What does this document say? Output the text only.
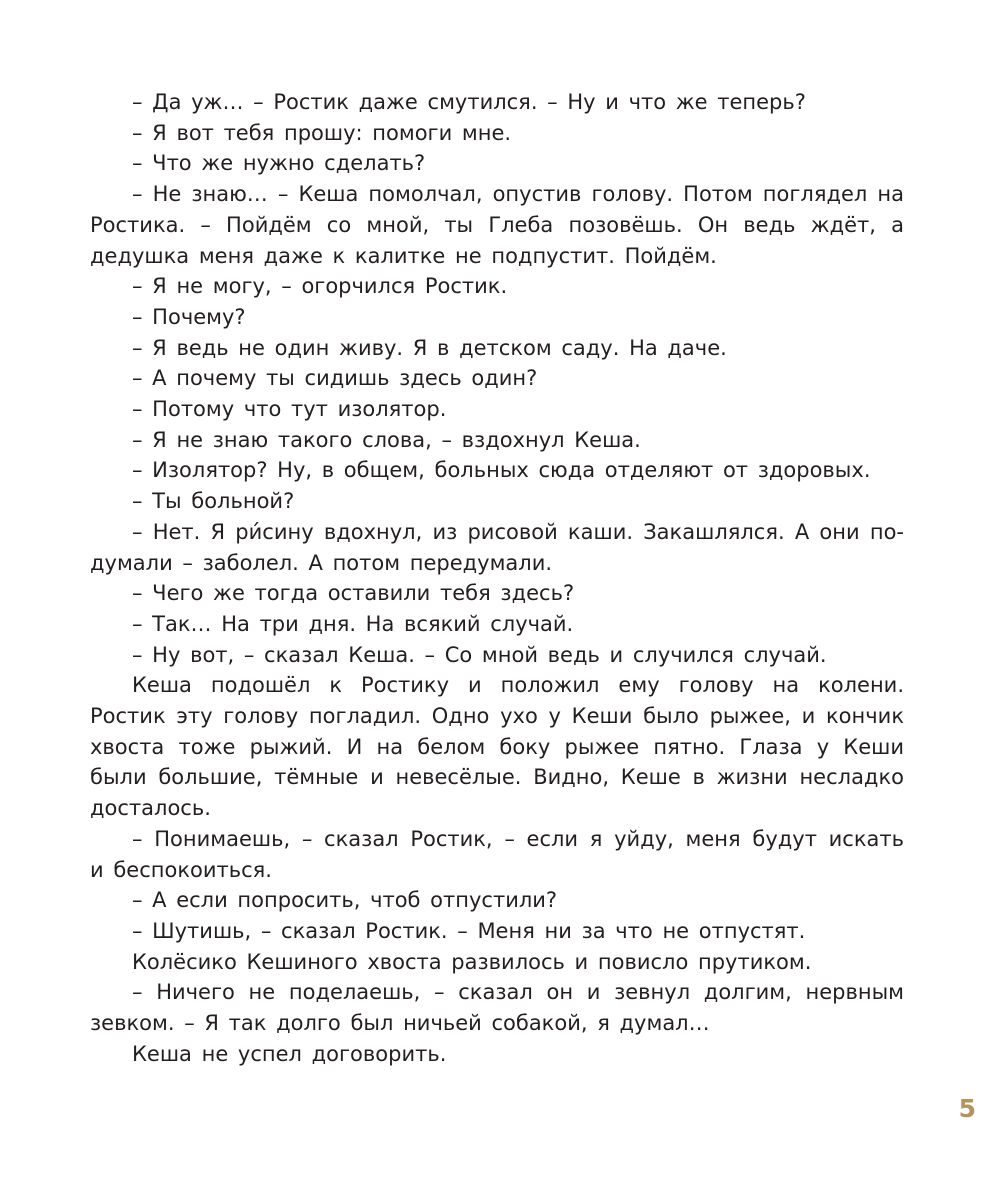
– Да уж… – Ростик даже смутился. – Ну и что же теперь?

– Я вот тебя прошу: помоги мне.

– Что же нужно сделать?

– Не знаю… – Кеша помолчал, опустив голову. Потом поглядел на Ростика. – Пойдём со мной, ты Глеба позовёшь. Он ведь ждёт, а дедушка меня даже к калитке не подпустит. Пойдём.

– Я не могу, – огорчился Ростик.

– Почему?

– Я ведь не один живу. Я в детском саду. На даче.

– А почему ты сидишь здесь один?

– Потому что тут изолятор.

– Я не знаю такого слова, – вздохнул Кеша.

– Изолятор? Ну, в общем, больных сюда отделяют от здоровых.

– Ты больной?

– Нет. Я ри́сину вдохнул, из рисовой каши. Закашлялся. А они подумали – заболел. А потом передумали.

– Чего же тогда оставили тебя здесь?

– Так… На три дня. На всякий случай.

– Ну вот, – сказал Кеша. – Со мной ведь и случился случай.

Кеша подошёл к Ростику и положил ему голову на колени. Ростик эту голову погладил. Одно ухо у Кеши было рыжее, и кончик хвоста тоже рыжий. И на белом боку рыжее пятно. Глаза у Кеши были большие, тёмные и невесёлые. Видно, Кеше в жизни несладко досталось.

– Понимаешь, – сказал Ростик, – если я уйду, меня будут искать и беспокоиться.

– А если попросить, чтоб отпустили?

– Шутишь, – сказал Ростик. – Меня ни за что не отпустят.

Колёсико Кешиного хвоста развилось и повисло прутиком.

– Ничего не поделаешь, – сказал он и зевнул долгим, нервным зевком. – Я так долго был ничьей собакой, я думал…

Кеша не успел договорить.

5
